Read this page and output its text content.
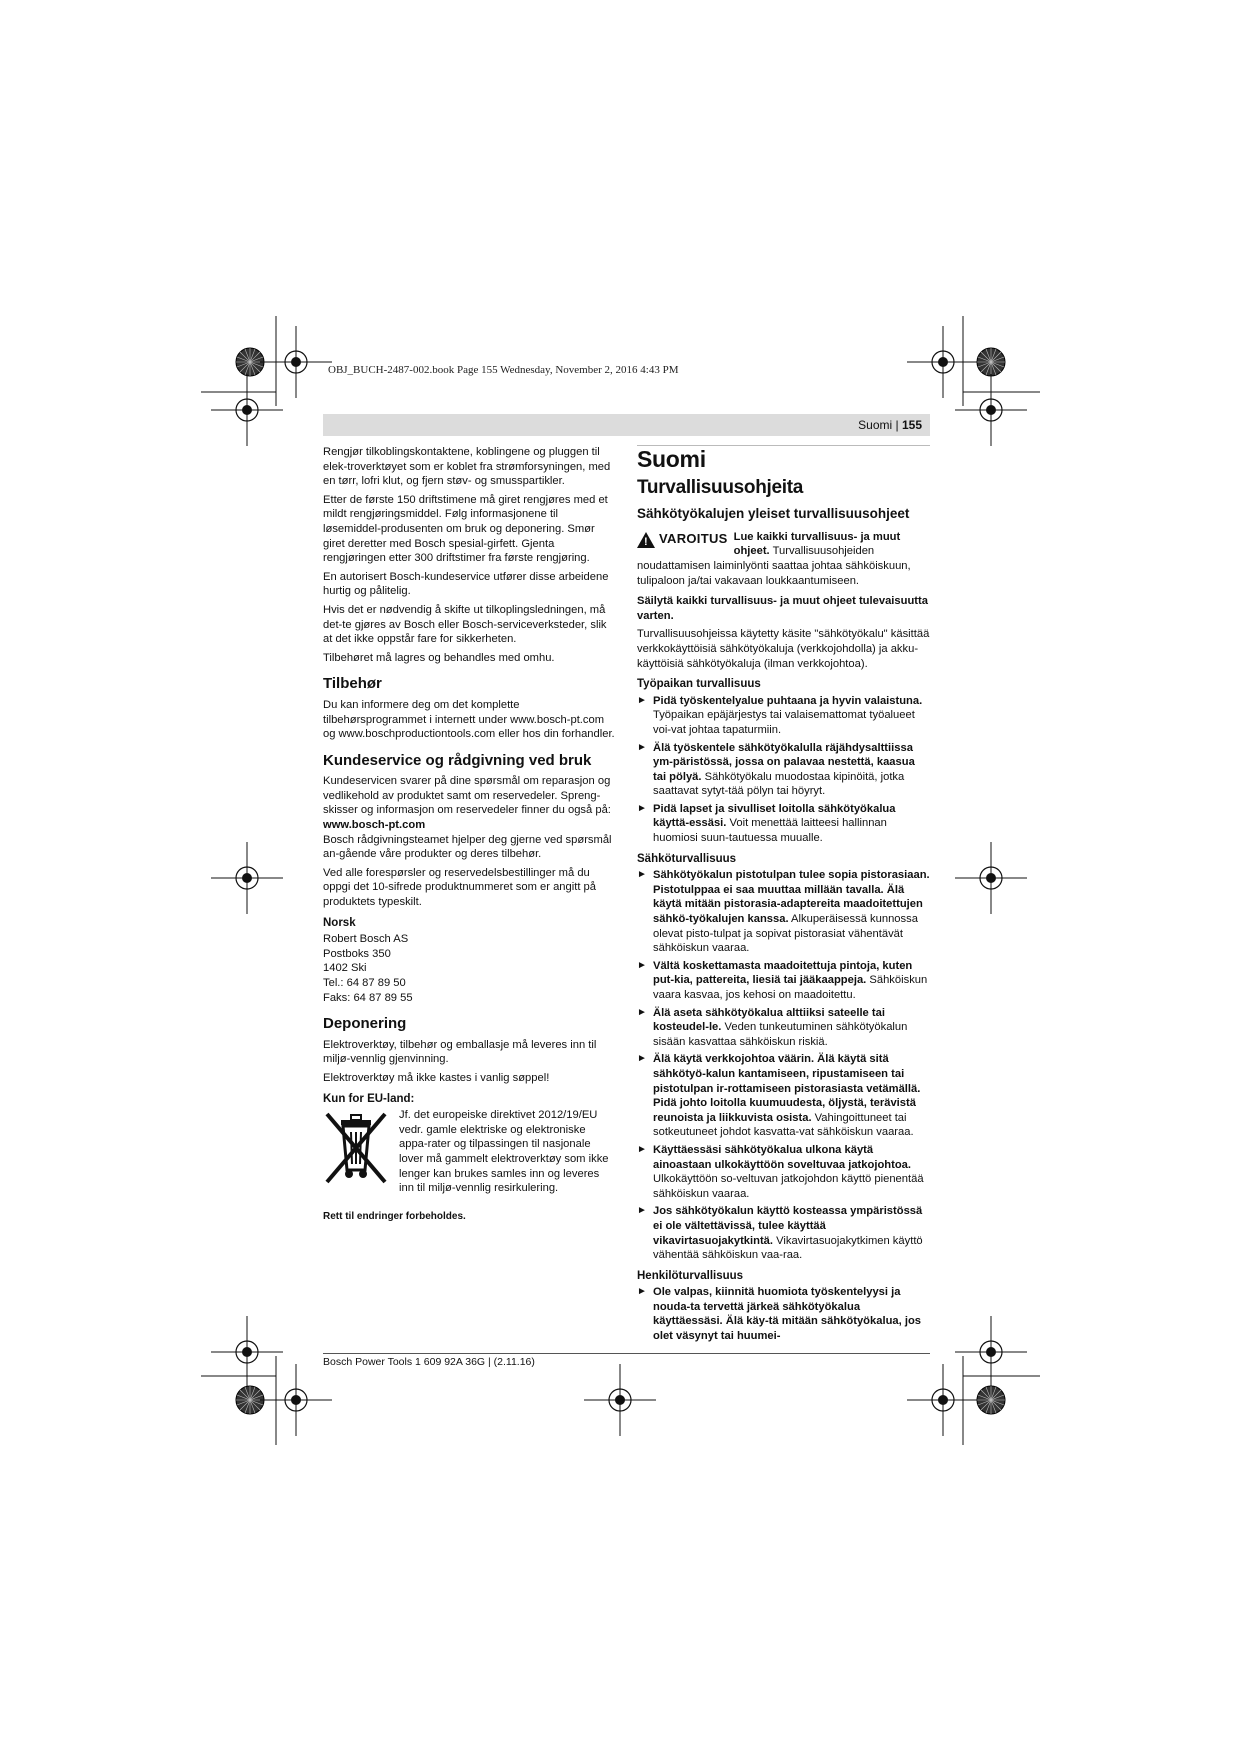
OBJ_BUCH-2487-002.book Page 155 Wednesday, November 2, 2016 4:43 PM
Suomi | 155

Rengjør tilkoblingskontaktene, koblingene og pluggen til elek-troverktøyet som er koblet fra strømforsyningen, med en tørr, lofri klut, og fjern støv- og smusspartikler.

Etter de første 150 driftstimene må giret rengjøres med et mildt rengjøringsmiddel. Følg informasjonene til løsemiddel-produsenten om bruk og deponering. Smør giret deretter med Bosch spesial-girfett. Gjenta rengjøringen etter 300 driftstimer fra første rengjøring.

En autorisert Bosch-kundeservice utfører disse arbeidene hurtig og pålitelig.

Hvis det er nødvendig å skifte ut tilkoplingsledningen, må det-te gjøres av Bosch eller Bosch-serviceverksteder, slik at det ikke oppstår fare for sikkerheten.

Tilbehøret må lagres og behandles med omhu.

Tilbehør

Du kan informere deg om det komplette tilbehørsprogrammet i internett under www.bosch-pt.com og www.boschproductiontools.com eller hos din forhandler.

Kundeservice og rådgivning ved bruk

Kundeservicen svarer på dine spørsmål om reparasjon og vedlikehold av produktet samt om reservedeler. Spreng-skisser og informasjon om reservedeler finner du også på:

www.bosch-pt.com

Bosch rådgivningsteamet hjelper deg gjerne ved spørsmål an-gående våre produkter og deres tilbehør.

Ved alle forespørsler og reservedelsbestillinger må du oppgi det 10-sifrede produktnummeret som er angitt på produktets typeskilt.

Norsk
Robert Bosch AS
Postboks 350
1402 Ski
Tel.: 64 87 89 50
Faks: 64 87 89 55
Deponering

Elektroverktøy, tilbehør og emballasje må leveres inn til miljø-vennlig gjenvinning.

Elektroverktøy må ikke kastes i vanlig søppel!

Kun for EU-land:

Jf. det europeiske direktivet 2012/19/EU vedr. gamle elektriske og elektroniske appa-rater og tilpassingen til nasjonale lover må gammelt elektroverktøy som ikke lenger kan brukes samles inn og leveres inn til miljø-vennlig resirkulering.

Rett til endringer forbeholdes.

Suomi
Turvallisuusohjeita
Sähkötyökalujen yleiset turvallisuusohjeet
! VAROITUS Lue kaikki turvallisuus- ja muut ohjeet. Turvallisuusohjeiden noudattamisen laiminlyönti saattaa johtaa sähköiskuun, tulipaloon ja/tai vakavaan loukkaantumiseen.

Säilytä kaikki turvallisuus- ja muut ohjeet tulevaisuutta varten.

Turvallisuusohjeissa käytetty käsite "sähkötyökalu" käsittää verkkokäyttöisiä sähkötyökaluja (verkkojohdolla) ja akku-käyttöisiä sähkötyökaluja (ilman verkkojohtoa).

Työpaikan turvallisuus
► Pidä työskentelyalue puhtaana ja hyvin valaistuna. Työpaikan epäjärjestys tai valaisemattomat työalueet voi-vat johtaa tapaturmiin.
► Älä työskentele sähkötyökalulla räjähdysalttiissa ym-päristössä, jossa on palavaa nestettä, kaasua tai pölyä. Sähkötyökalu muodostaa kipinöitä, jotka saattavat sytyt-tää pölyn tai höyryt.
► Pidä lapset ja sivulliset loitolla sähkötyökalua käyttä-essäsi. Voit menettää laitteesi hallinnan huomiosi suun-tautuessa muualle.
Sähköturvallisuus
► Sähkötyökalun pistotulpan tulee sopia pistorasiaan. Pistotulppaa ei saa muuttaa millään tavalla. Älä käytä mitään pistorasia-adaptereita maadoitettujen sähkö-työkalujen kanssa. Alkuperäisessä kunnossa olevat pisto-tulpat ja sopivat pistorasiat vähentävät sähköiskun vaaraa.
► Vältä koskettamasta maadoitettuja pintoja, kuten put-kia, pattereita, liesiä tai jääkaappeja. Sähköiskun vaara kasvaa, jos kehosi on maadoitettu.
► Älä aseta sähkötyökalua alttiiksi sateelle tai kosteudel-le. Veden tunkeutuminen sähkötyökalun sisään kasvattaa sähköiskun riskiä.
► Älä käytä verkkojohtoa väärin. Älä käytä sitä sähkötyö-kalun kantamiseen, ripustamiseen tai pistotulpan ir-rottamiseen pistorasiasta vetämällä. Pidä johto loitolla kuumuudesta, öljystä, terävistä reunoista ja liikkuvista osista. Vahingoittuneet tai sotkeutuneet johdot kasvatta-vat sähköiskun vaaraa.
► Käyttäessäsi sähkötyökalua ulkona käytä ainoastaan ulkokäyttöön soveltuvaa jatkojohtoa. Ulkokäyttöön so-veltuvan jatkojohdon käyttö pienentää sähköiskun vaaraa.
► Jos sähkötyökalun käyttö kosteassa ympäristössä ei ole vältettävissä, tulee käyttää vikavirtasuojakytkintä. Vikavirtasuojakytkimen käyttö vähentää sähköiskun vaa-raa.
Henkilöturvallisuus
► Ole valpas, kiinnitä huomiota työskentelyysi ja nouda-ta tervettä järkeä sähkötyökalua käyttäessäsi. Älä käy-tä mitään sähkötyökalua, jos olet väsynyt tai huumei-
Bosch Power Tools 1 609 92A 36G | (2.11.16)
